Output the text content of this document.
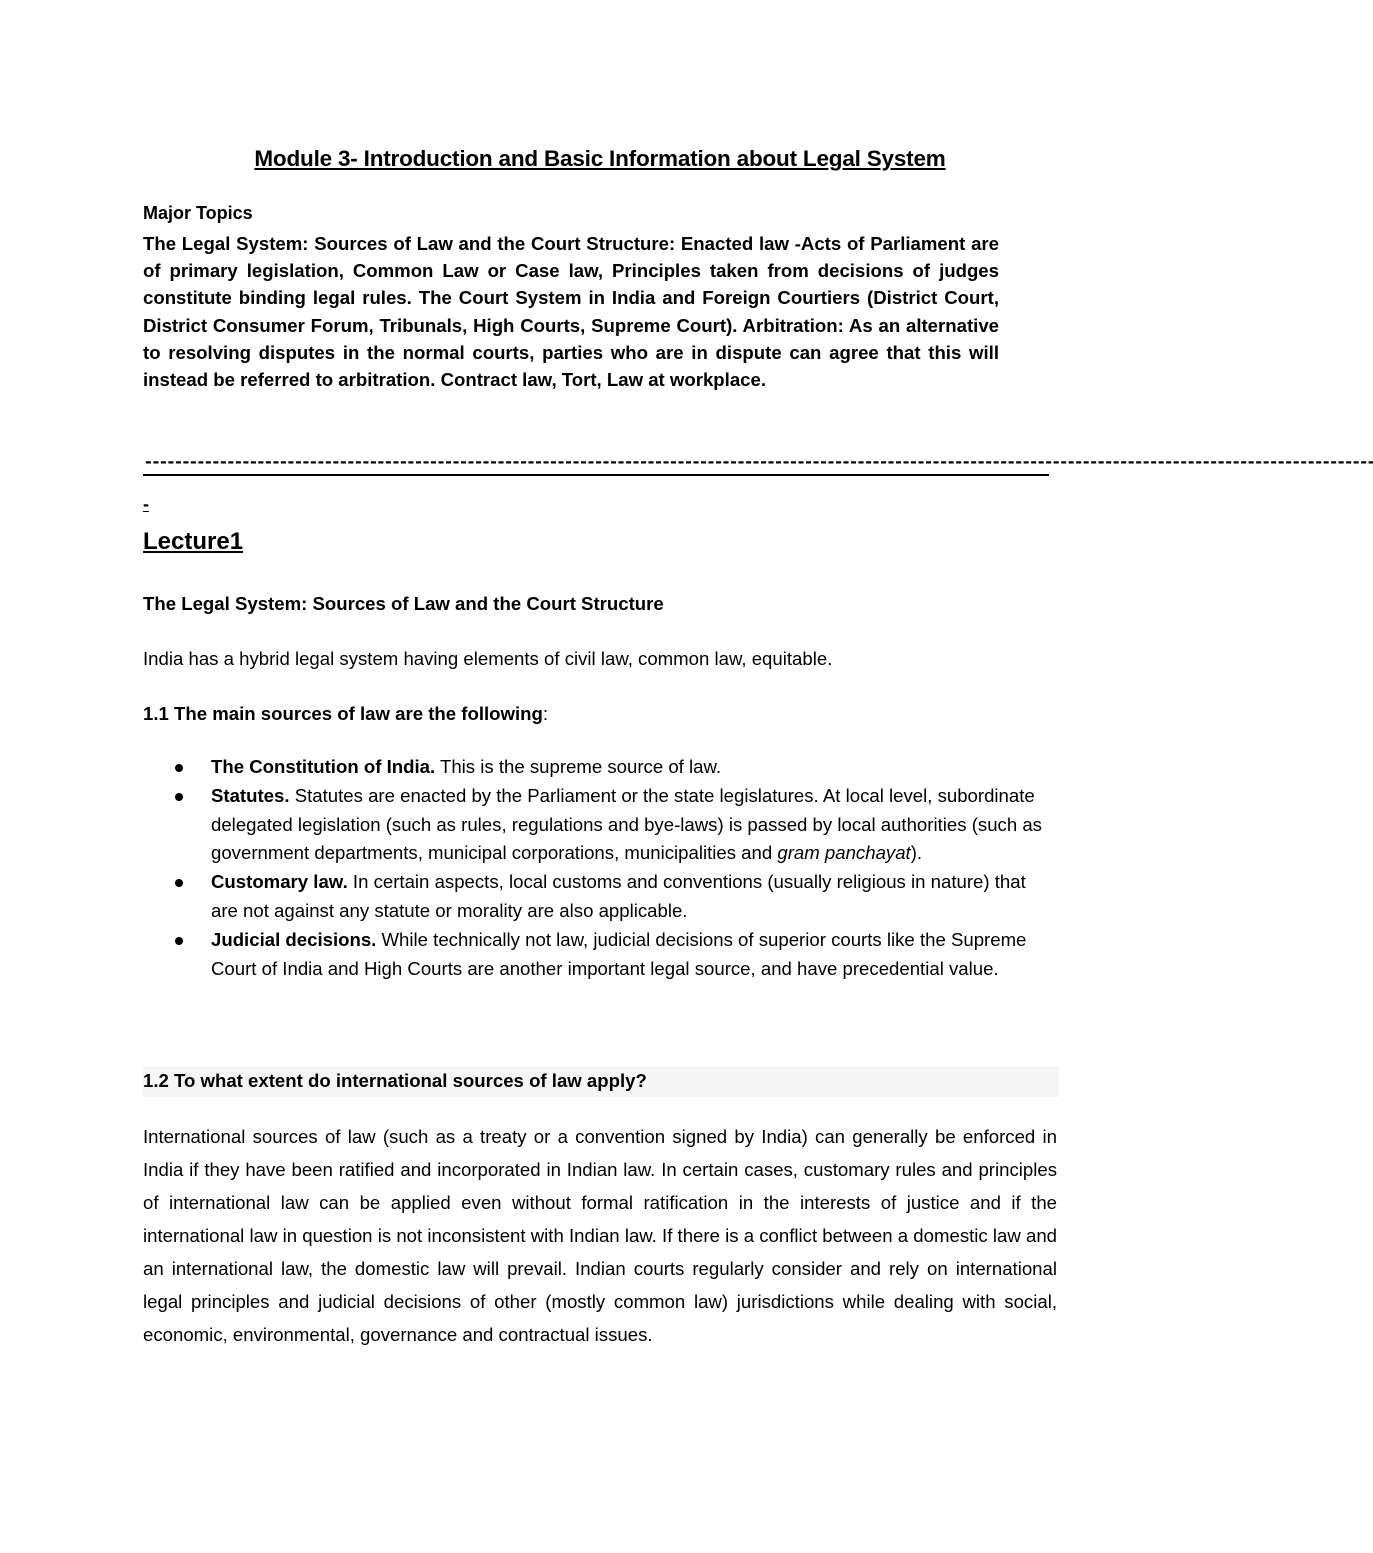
Module 3- Introduction and Basic Information about Legal System
Major Topics
The Legal System: Sources of Law and the Court Structure: Enacted law -Acts of Parliament are of primary legislation, Common Law or Case law, Principles taken from decisions of judges constitute binding legal rules. The Court System in India and Foreign Courtiers (District Court, District Consumer Forum, Tribunals, High Courts, Supreme Court). Arbitration: As an alternative to resolving disputes in the normal courts, parties who are in dispute can agree that this will instead be referred to arbitration. Contract law, Tort, Law at workplace.
--------------------------------------------------------------------------------------------------------------------------------------------------------------------
-
Lecture1
The Legal System: Sources of Law and the Court Structure
India has a hybrid legal system having elements of civil law, common law, equitable.
1.1 The main sources of law are the following:
The Constitution of India. This is the supreme source of law.
Statutes. Statutes are enacted by the Parliament or the state legislatures. At local level, subordinate delegated legislation (such as rules, regulations and bye-laws) is passed by local authorities (such as government departments, municipal corporations, municipalities and gram panchayat).
Customary law. In certain aspects, local customs and conventions (usually religious in nature) that are not against any statute or morality are also applicable.
Judicial decisions. While technically not law, judicial decisions of superior courts like the Supreme Court of India and High Courts are another important legal source, and have precedential value.
1.2 To what extent do international sources of law apply?
International sources of law (such as a treaty or a convention signed by India) can generally be enforced in India if they have been ratified and incorporated in Indian law. In certain cases, customary rules and principles of international law can be applied even without formal ratification in the interests of justice and if the international law in question is not inconsistent with Indian law. If there is a conflict between a domestic law and an international law, the domestic law will prevail. Indian courts regularly consider and rely on international legal principles and judicial decisions of other (mostly common law) jurisdictions while dealing with social, economic, environmental, governance and contractual issues.
